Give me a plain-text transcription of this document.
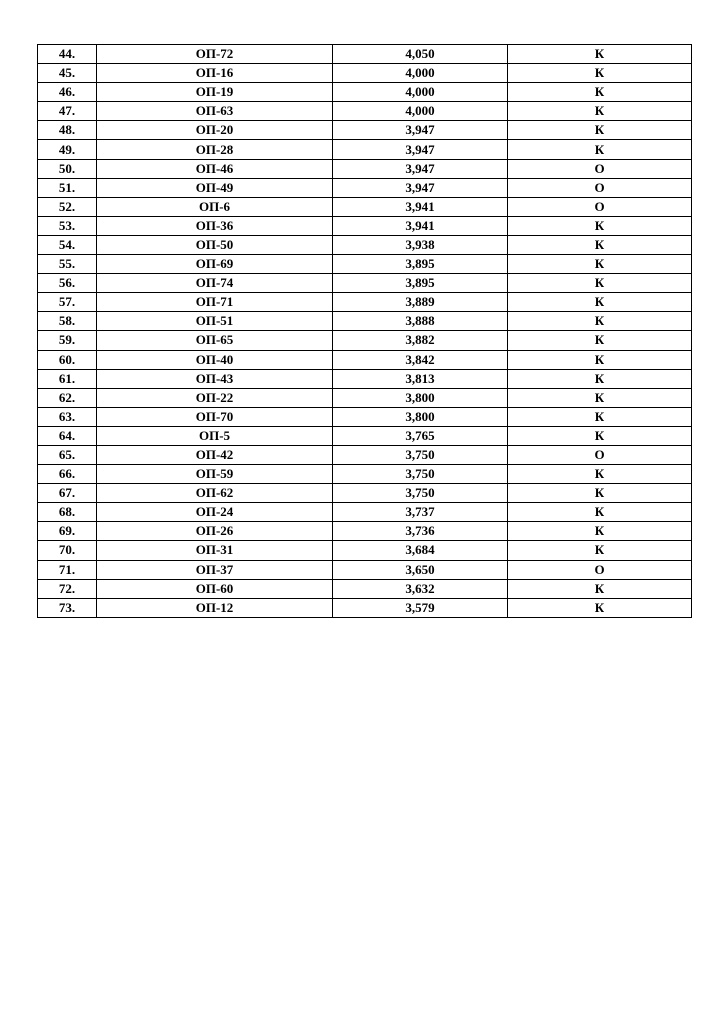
44.	ОП-72	4,050	К
45.	ОП-16	4,000	К
46.	ОП-19	4,000	К
47.	ОП-63	4,000	К
48.	ОП-20	3,947	К
49.	ОП-28	3,947	К
50.	ОП-46	3,947	О
51.	ОП-49	3,947	О
52.	ОП-6	3,941	О
53.	ОП-36	3,941	К
54.	ОП-50	3,938	К
55.	ОП-69	3,895	К
56.	ОП-74	3,895	К
57.	ОП-71	3,889	К
58.	ОП-51	3,888	К
59.	ОП-65	3,882	К
60.	ОП-40	3,842	К
61.	ОП-43	3,813	К
62.	ОП-22	3,800	К
63.	ОП-70	3,800	К
64.	ОП-5	3,765	К
65.	ОП-42	3,750	О
66.	ОП-59	3,750	К
67.	ОП-62	3,750	К
68.	ОП-24	3,737	К
69.	ОП-26	3,736	К
70.	ОП-31	3,684	К
71.	ОП-37	3,650	О
72.	ОП-60	3,632	К
73.	ОП-12	3,579	К
